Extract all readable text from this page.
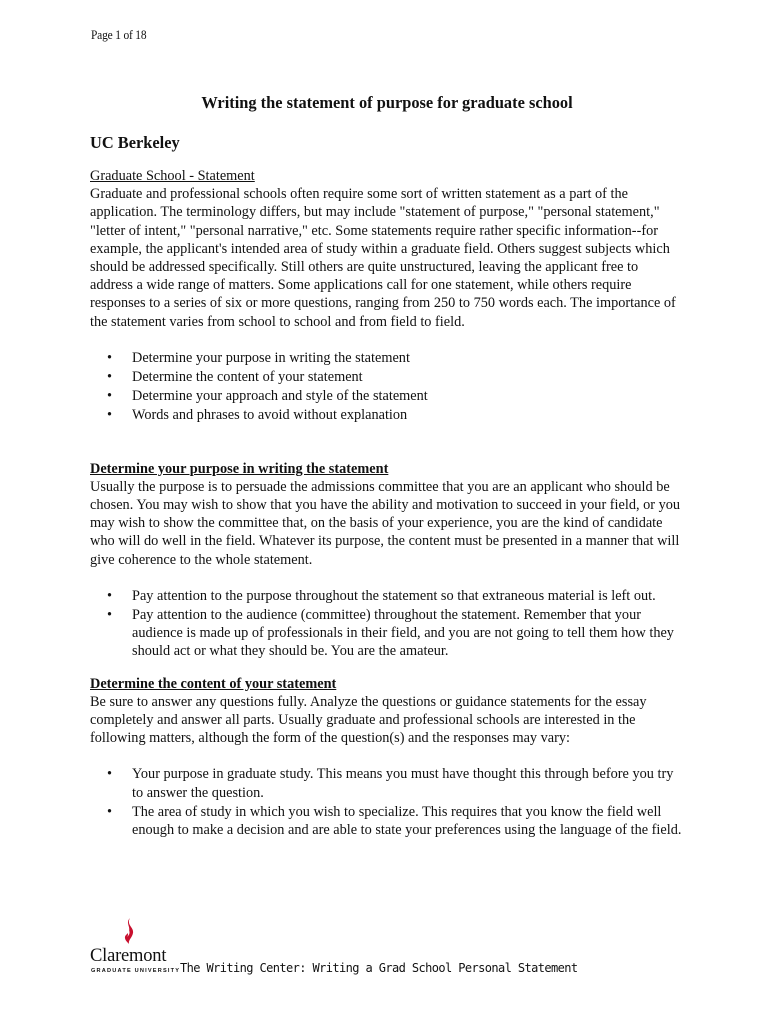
Page 1 of 18
Writing the statement of purpose for graduate school
UC Berkeley
Graduate School - Statement

Graduate and professional schools often require some sort of written statement as a part of the application. The terminology differs, but may include "statement of purpose," "personal statement," "letter of intent," "personal narrative," etc. Some statements require rather specific information--for example, the applicant's intended area of study within a graduate field. Others suggest subjects which should be addressed specifically. Still others are quite unstructured, leaving the applicant free to address a wide range of matters. Some applications call for one statement, while others require responses to a series of six or more questions, ranging from 250 to 750 words each. The importance of the statement varies from school to school and from field to field.

• Determine your purpose in writing the statement
• Determine the content of your statement
• Determine your approach and style of the statement
• Words and phrases to avoid without explanation
Determine your purpose in writing the statement

Usually the purpose is to persuade the admissions committee that you are an applicant who should be chosen. You may wish to show that you have the ability and motivation to succeed in your field, or you may wish to show the committee that, on the basis of your experience, you are the kind of candidate who will do well in the field. Whatever its purpose, the content must be presented in a manner that will give coherence to the whole statement.

• Pay attention to the purpose throughout the statement so that extraneous material is left out.
• Pay attention to the audience (committee) throughout the statement. Remember that your audience is made up of professionals in their field, and you are not going to tell them how they should act or what they should be. You are the amateur.
Determine the content of your statement

Be sure to answer any questions fully. Analyze the questions or guidance statements for the essay completely and answer all parts. Usually graduate and professional schools are interested in the following matters, although the form of the question(s) and the responses may vary:

• Your purpose in graduate study. This means you must have thought this through before you try to answer the question.
• The area of study in which you wish to specialize. This requires that you know the field well enough to make a decision and are able to state your preferences using the language of the field.
Claremont
GRADUATE UNIVERSITY The Writing Center: Writing a Grad School Personal Statement
